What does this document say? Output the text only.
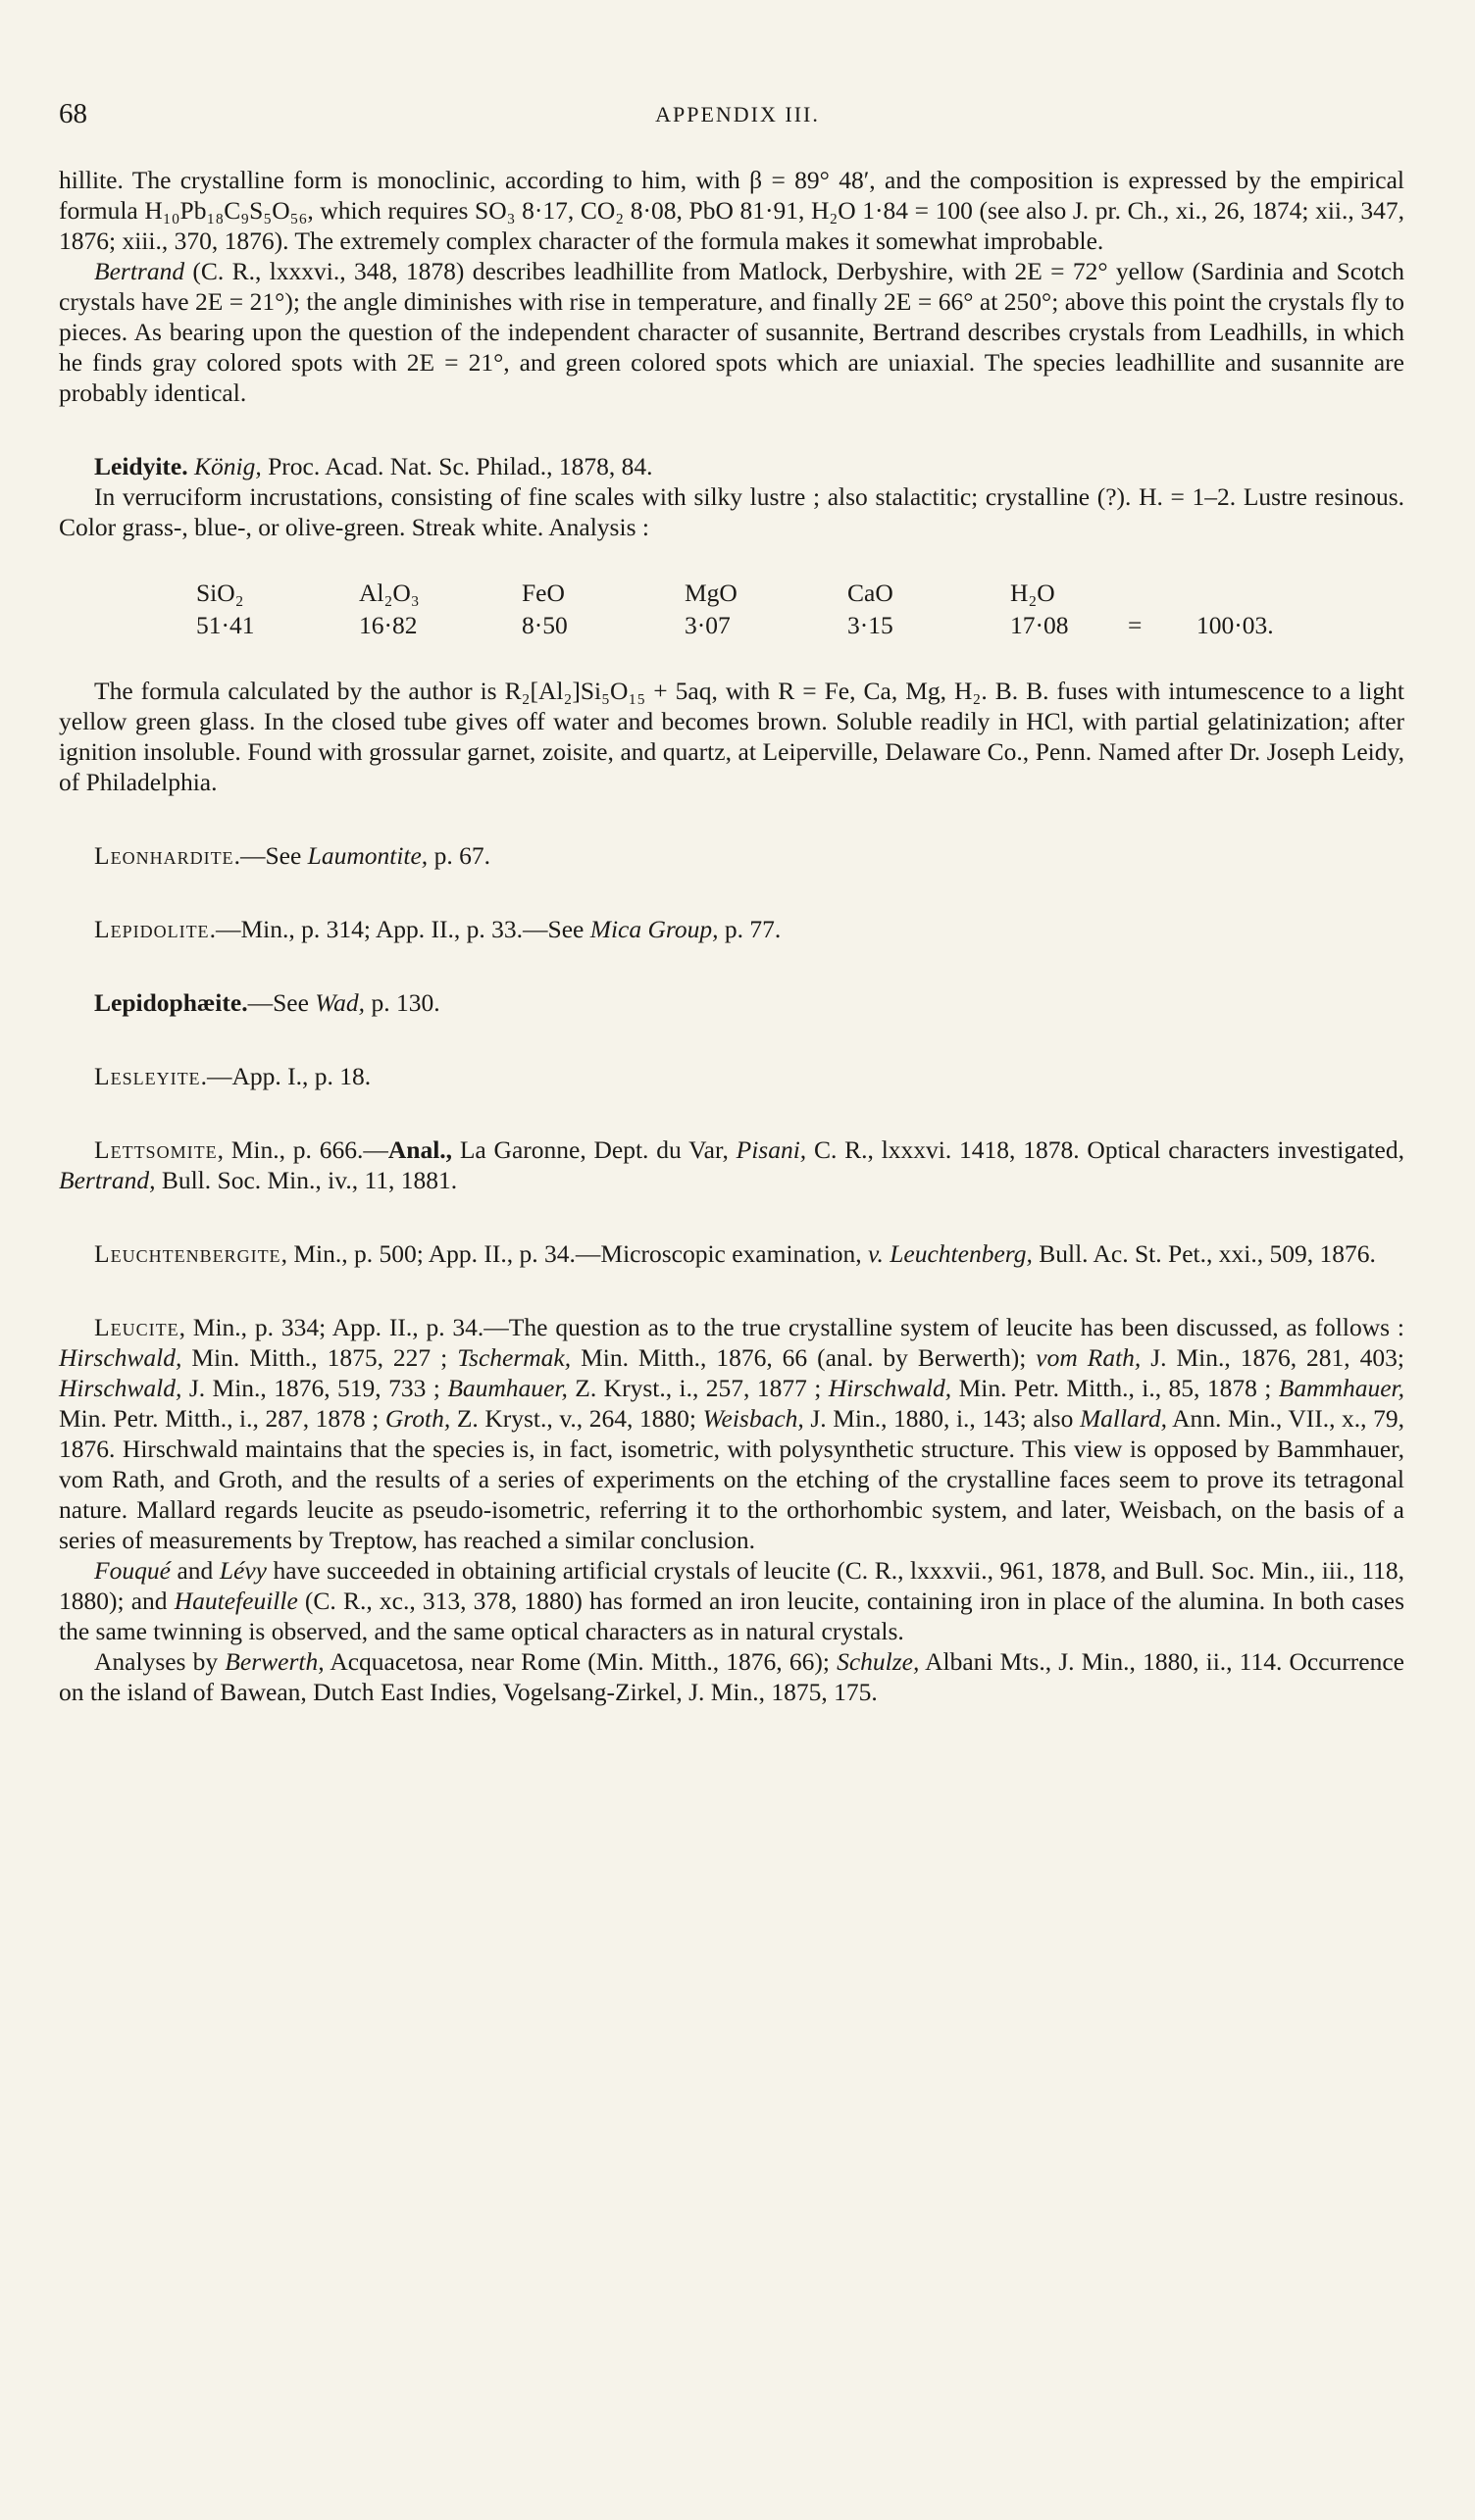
68	APPENDIX III.

hillite. The crystalline form is monoclinic, according to him, with β = 89° 48′, and the composition is expressed by the empirical formula H₁₀Pb₁₈C₉S₅O₅₆, which requires SO₃ 8·17, CO₂ 8·08, PbO 81·91, H₂O 1·84 = 100 (see also J. pr. Ch., xi., 26, 1874; xii., 347, 1876; xiii., 370, 1876). The extremely complex character of the formula makes it somewhat improbable.

Bertrand (C. R., lxxxvi., 348, 1878) describes leadhillite from Matlock, Derbyshire, with 2E = 72° yellow (Sardinia and Scotch crystals have 2E = 21°); the angle diminishes with rise in temperature, and finally 2E = 66° at 250°; above this point the crystals fly to pieces. As bearing upon the question of the independent character of susannite, Bertrand describes crystals from Leadhills, in which he finds gray colored spots with 2E = 21°, and green colored spots which are uniaxial. The species leadhillite and susannite are probably identical.

Leidyite. König, Proc. Acad. Nat. Sc. Philad., 1878, 84.

In verruciform incrustations, consisting of fine scales with silky lustre ; also stalactitic; crystalline (?). H. = 1–2. Lustre resinous. Color grass-, blue-, or olive-green. Streak white. Analysis :

SiO₂	Al₂O₃	FeO	MgO	CaO	H₂O
51·41	16·82	8·50	3·07	3·15	17·08	=	100·03.

The formula calculated by the author is R₂[Al₂]Si₅O₁₅ + 5aq, with R = Fe, Ca, Mg, H₂. B. B. fuses with intumescence to a light yellow green glass. In the closed tube gives off water and becomes brown. Soluble readily in HCl, with partial gelatinization; after ignition insoluble. Found with grossular garnet, zoisite, and quartz, at Leiperville, Delaware Co., Penn. Named after Dr. Joseph Leidy, of Philadelphia.

Leonhardite.—See Laumontite, p. 67.

Lepidolite.—Min., p. 314; App. II., p. 33.—See Mica Group, p. 77.

Lepidophæite.—See Wad, p. 130.

Lesleyite.—App. I., p. 18.

Lettsomite, Min., p. 666.—Anal., La Garonne, Dept. du Var, Pisani, C. R., lxxxvi. 1418, 1878. Optical characters investigated, Bertrand, Bull. Soc. Min., iv., 11, 1881.

Leuchtenbergite, Min., p. 500; App. II., p. 34.—Microscopic examination, v. Leuchtenberg, Bull. Ac. St. Pet., xxi., 509, 1876.

Leucite, Min., p. 334; App. II., p. 34.—The question as to the true crystalline system of leucite has been discussed, as follows : Hirschwald, Min. Mitth., 1875, 227 ; Tschermak, Min. Mitth., 1876, 66 (anal. by Berwerth); vom Rath, J. Min., 1876, 281, 403; Hirschwald, J. Min., 1876, 519, 733 ; Baumhauer, Z. Kryst., i., 257, 1877 ; Hirschwald, Min. Petr. Mitth., i., 85, 1878 ; Bammhauer, Min. Petr. Mitth., i., 287, 1878 ; Groth, Z. Kryst., v., 264, 1880; Weisbach, J. Min., 1880, i., 143; also Mallard, Ann. Min., VII., x., 79, 1876. Hirschwald maintains that the species is, in fact, isometric, with polysynthetic structure. This view is opposed by Bammhauer, vom Rath, and Groth, and the results of a series of experiments on the etching of the crystalline faces seem to prove its tetragonal nature. Mallard regards leucite as pseudo-isometric, referring it to the orthorhombic system, and later, Weisbach, on the basis of a series of measurements by Treptow, has reached a similar conclusion.

Fouqué and Lévy have succeeded in obtaining artificial crystals of leucite (C. R., lxxxvii., 961, 1878, and Bull. Soc. Min., iii., 118, 1880); and Hautefeuille (C. R., xc., 313, 378, 1880) has formed an iron leucite, containing iron in place of the alumina. In both cases the same twinning is observed, and the same optical characters as in natural crystals.

Analyses by Berwerth, Acquacetosa, near Rome (Min. Mitth., 1876, 66); Schulze, Albani Mts., J. Min., 1880, ii., 114. Occurrence on the island of Bawean, Dutch East Indies, Vogelsang-Zirkel, J. Min., 1875, 175.
